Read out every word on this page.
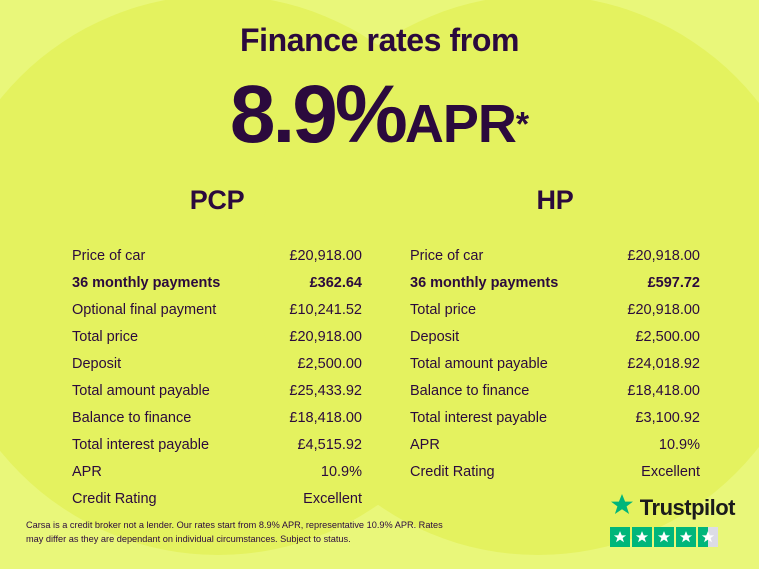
Finance rates from
8.9%APR*
PCP
Price of car	£20,918.00
36 monthly payments	£362.64
Optional final payment	£10,241.52
Total price	£20,918.00
Deposit	£2,500.00
Total amount payable	£25,433.92
Balance to finance	£18,418.00
Total interest payable	£4,515.92
APR	10.9%
Credit Rating	Excellent
HP
Price of car	£20,918.00
36 monthly payments	£597.72
Total price	£20,918.00
Deposit	£2,500.00
Total amount payable	£24,018.92
Balance to finance	£18,418.00
Total interest payable	£3,100.92
APR	10.9%
Credit Rating	Excellent
Carsa is a credit broker not a lender. Our rates start from 8.9% APR, representative 10.9% APR. Rates may differ as they are dependant on individual circumstances. Subject to status.
Trustpilot
